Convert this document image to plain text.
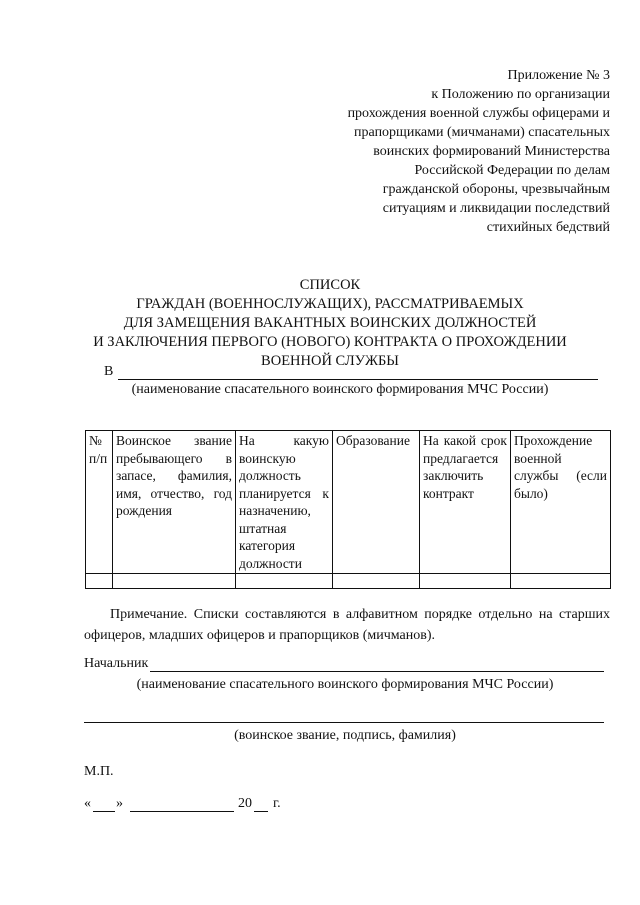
Приложение № 3
к Положению по организации
прохождения военной службы офицерами и
прапорщиками (мичманами) спасательных
воинских формирований Министерства
Российской Федерации по делам
гражданской обороны, чрезвычайным
ситуациям и ликвидации последствий
стихийных бедствий
СПИСОК
ГРАЖДАН (ВОЕННОСЛУЖАЩИХ), РАССМАТРИВАЕМЫХ
ДЛЯ ЗАМЕЩЕНИЯ ВАКАНТНЫХ ВОИНСКИХ ДОЛЖНОСТЕЙ
И ЗАКЛЮЧЕНИЯ ПЕРВОГО (НОВОГО) КОНТРАКТА О ПРОХОЖДЕНИИ
ВОЕННОЙ СЛУЖБЫ
В
(наименование спасательного воинского формирования МЧС России)
№ п/п	Воинское звание пребывающего в запасе, фамилия, имя, отчество, год рождения	На какую воинскую должность планируется к назначению, штатная категория должности	Образование	На какой срок предлагается заключить контракт	Прохождение военной службы (если было)

Примечание. Списки составляются в алфавитном порядке отдельно на старших офицеров, младших офицеров и прапорщиков (мичманов).
Начальник
(наименование спасательного воинского формирования МЧС России)
(воинское звание, подпись, фамилия)
М.П.
« »	20 г.
